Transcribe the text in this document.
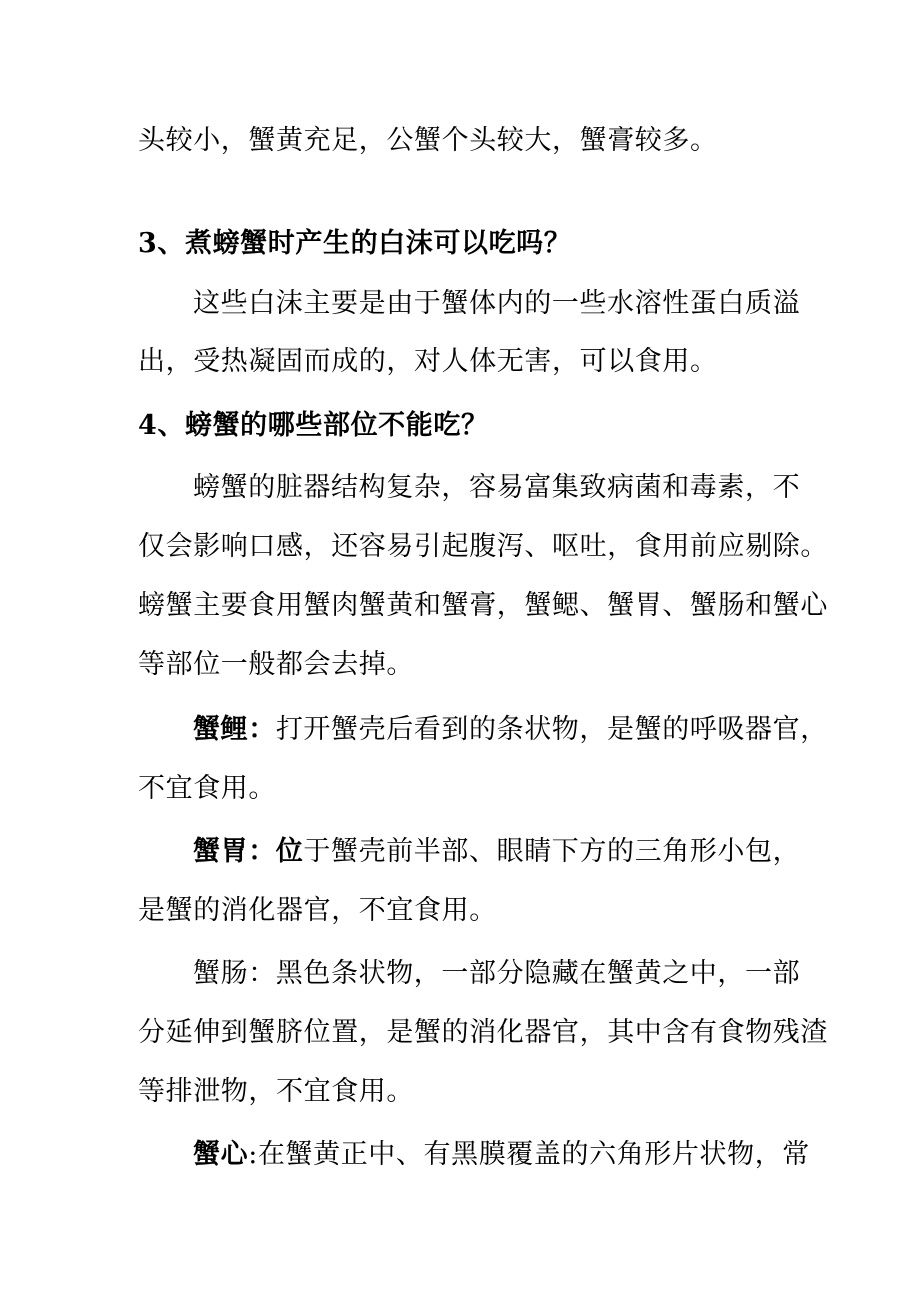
头较小，蟹黄充足，公蟹个头较大，蟹膏较多。
3、煮螃蟹时产生的白沫可以吃吗？
这些白沫主要是由于蟹体内的一些水溶性蛋白质溢
出，受热凝固而成的，对人体无害，可以食用。
4、螃蟹的哪些部位不能吃？
螃蟹的脏器结构复杂，容易富集致病菌和毒素，不
仅会影响口感，还容易引起腹泻、呕吐，食用前应剔除。
螃蟹主要食用蟹肉蟹黄和蟹膏，蟹鳃、蟹胃、蟹肠和蟹心
等部位一般都会去掉。
蟹鲤：打开蟹壳后看到的条状物，是蟹的呼吸器官，
不宜食用。
蟹胃：位于蟹壳前半部、眼睛下方的三角形小包，
是蟹的消化器官，不宜食用。
蟹肠：黑色条状物，一部分隐藏在蟹黄之中，一部
分延伸到蟹脐位置，是蟹的消化器官，其中含有食物残渣
等排泄物，不宜食用。
蟹心:在蟹黄正中、有黑膜覆盖的六角形片状物，常
